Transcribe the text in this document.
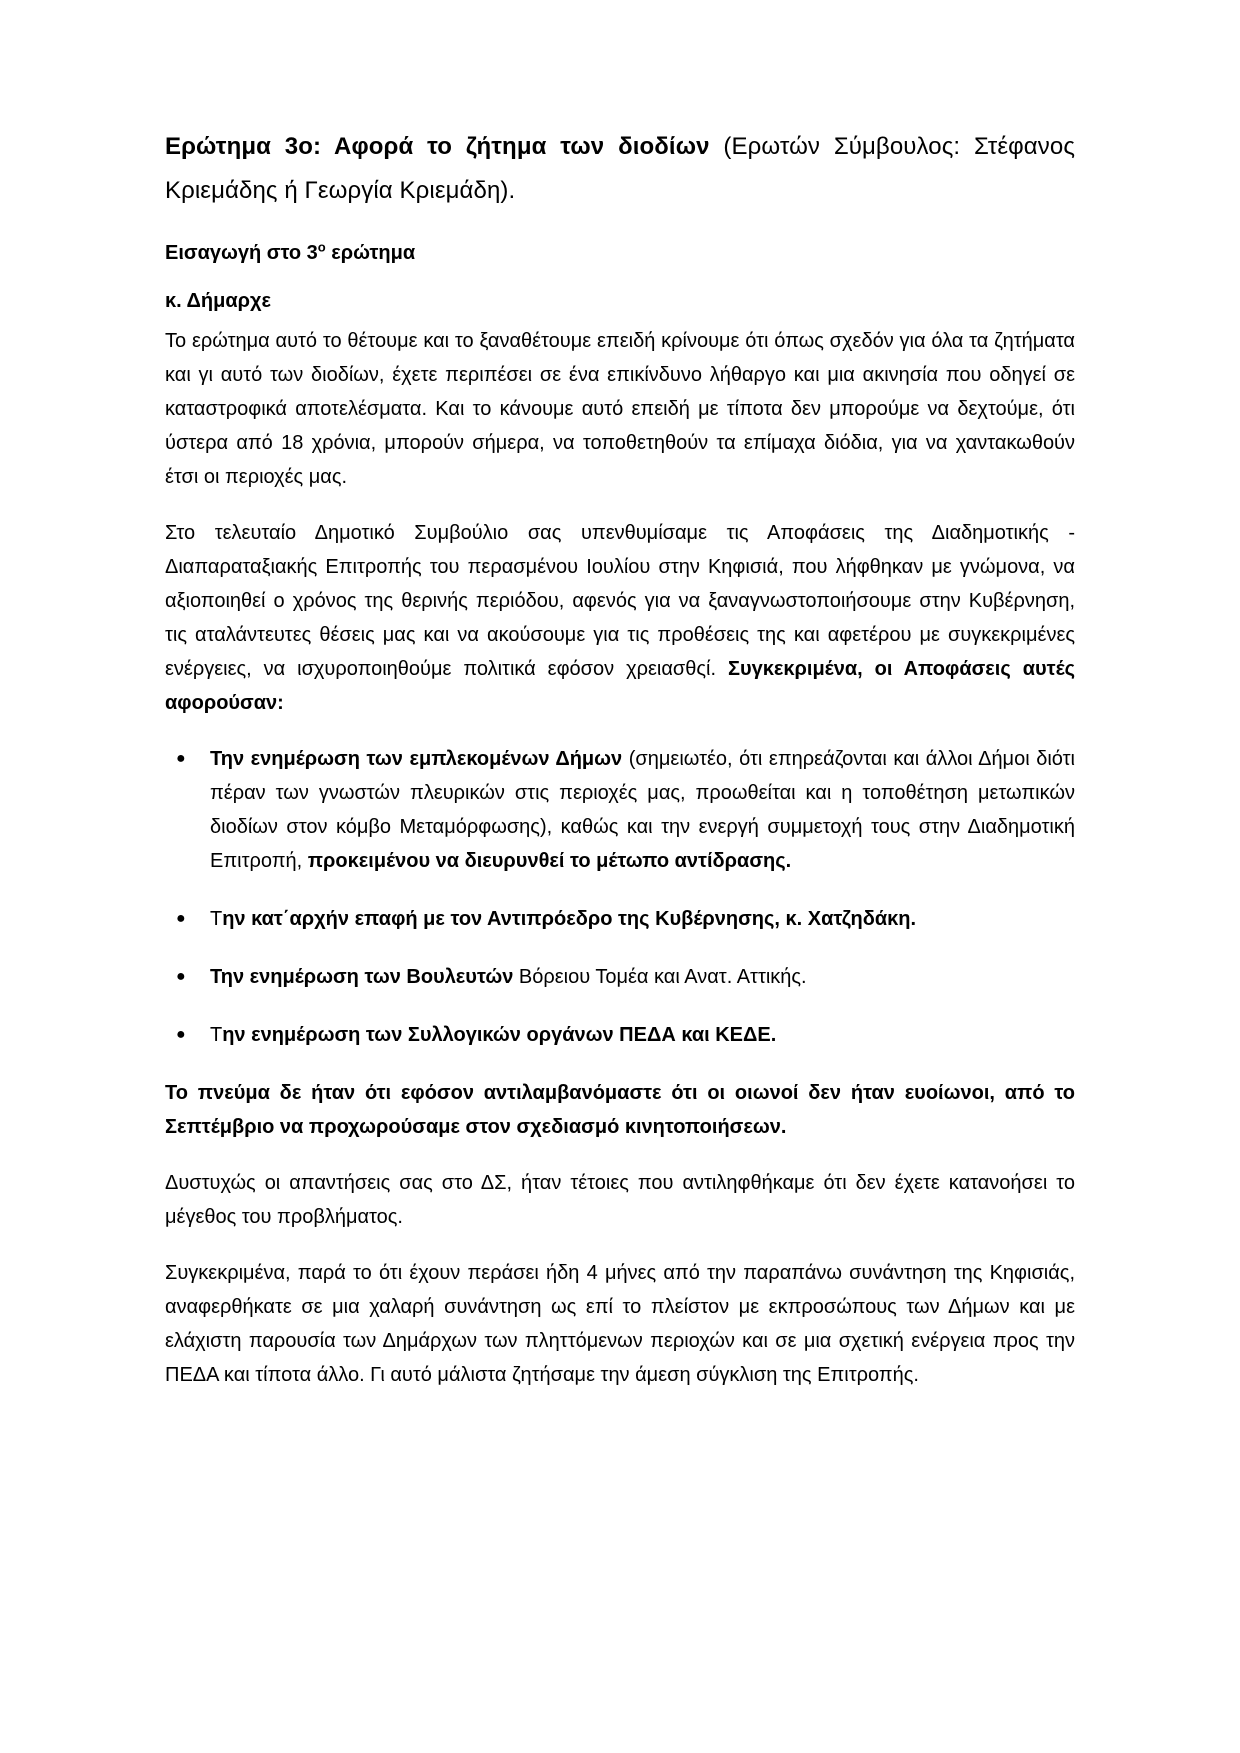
Ερώτημα 3ο: Αφορά το ζήτημα των διοδίων (Ερωτών Σύμβουλος: Στέφανος Κριεμάδης ή Γεωργία Κριεμάδη).

Εισαγωγή στο $3^o$ ερώτημα

κ. Δήμαρχε

Το ερώτημα αυτό το θέτουμε και το ξαναθέτουμε επειδή κρίνουμε ότι όπως σχεδόν για όλα τα ζητήματα και γι αυτό των διοδίων, έχετε περιπέσει σε ένα επικίνδυνο λήθαργο και μια ακινησία που οδηγεί σε καταστροφικά αποτελέσματα. Και το κάνουμε αυτό επειδή με τίποτα δεν μπορούμε να δεχτούμε, ότι ύστερα από 18 χρόνια, μπορούν σήμερα, να τοποθετηθούν τα επίμαχα διόδια, για να χαντακωθούν έτσι οι περιοχές μας.

Στο τελευταίο Δημοτικό Συμβούλιο σας υπενθυμίσαμε τις Αποφάσεις της Διαδημοτικής - Διαπαραταξιακής Επιτροπής του περασμένου Ιουλίου στην Κηφισιά, που λήφθηκαν με γνώμονα, να αξιοποιηθεί ο χρόνος της θερινής περιόδου, αφενός για να ξαναγνωστοποιήσουμε στην Κυβέρνηση, τις αταλάντευτες θέσεις μας και να ακούσουμε για τις προθέσεις της και αφετέρου με συγκεκριμένες ενέργειες, να ισχυροποιηθούμε πολιτικά εφόσον χρειασθςί. Συγκεκριμένα, οι Αποφάσεις αυτές αφορούσαν:

●	Την ενημέρωση των εμπλεκομένων Δήμων (σημειωτέο, ότι επηρεάζονται και άλλοι Δήμοι διότι πέραν των γνωστών πλευρικών στις περιοχές μας, προωθείται και η τοποθέτηση μετωπικών διοδίων στον κόμβο Μεταμόρφωσης), καθώς και την ενεργή συμμετοχή τους στην Διαδημοτική Επιτροπή, προκειμένου να διευρυνθεί το μέτωπο αντίδρασης.
●	Την κατ΄αρχήν επαφή με τον Αντιπρόεδρο της Κυβέρνησης, κ. Χατζηδάκη.
●	Την ενημέρωση των Βουλευτών Βόρειου Τομέα και Ανατ. Αττικής.
●	Την ενημέρωση των Συλλογικών οργάνων ΠΕΔΑ και ΚΕΔΕ.

Το πνεύμα δε ήταν ότι εφόσον αντιλαμβανόμαστε ότι οι οιωνοί δεν ήταν ευοίωνοι, από το Σεπτέμβριο να προχωρούσαμε στον σχεδιασμό κινητοποιήσεων.

Δυστυχώς οι απαντήσεις σας στο ΔΣ, ήταν τέτοιες που αντιληφθήκαμε ότι δεν έχετε κατανοήσει το μέγεθος του προβλήματος.

Συγκεκριμένα, παρά το ότι έχουν περάσει ήδη 4 μήνες από την παραπάνω συνάντηση της Κηφισιάς, αναφερθήκατε σε μια χαλαρή συνάντηση ως επί το πλείστον με εκπροσώπους των Δήμων και με ελάχιστη παρουσία των Δημάρχων των πληττόμενων περιοχών και σε μια σχετική ενέργεια προς την ΠΕΔΑ και τίποτα άλλο. Γι αυτό μάλιστα ζητήσαμε την άμεση σύγκλιση της Επιτροπής.
